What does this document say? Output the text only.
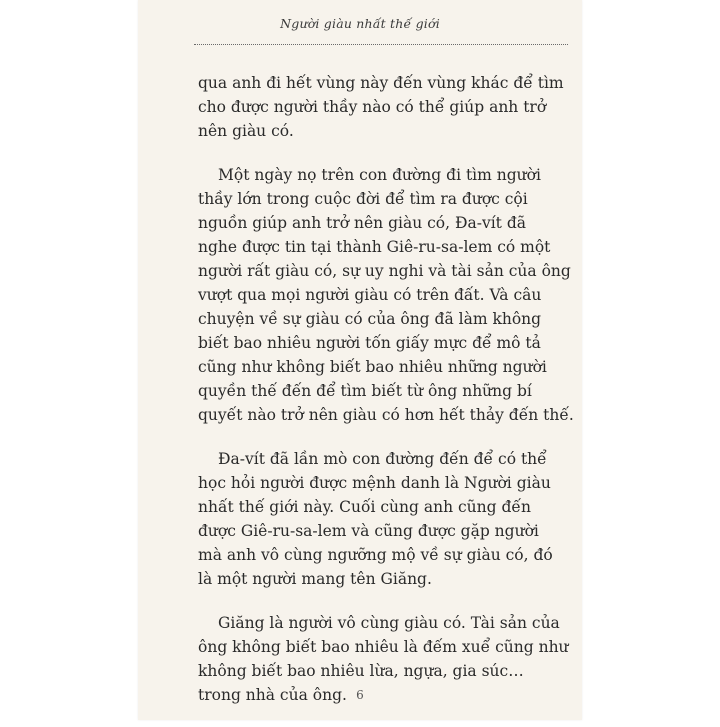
Người giàu nhất thế giới

qua anh đi hết vùng này đến vùng khác để tìm
cho được người thầy nào có thể giúp anh trở
nên giàu có.

Một ngày nọ trên con đường đi tìm người
thầy lớn trong cuộc đời để tìm ra được cội
nguồn giúp anh trở nên giàu có, Đa-vít đã
nghe được tin tại thành Giê-ru-sa-lem có một
người rất giàu có, sự uy nghi và tài sản của ông
vượt qua mọi người giàu có trên đất. Và câu
chuyện về sự giàu có của ông đã làm không
biết bao nhiêu người tốn giấy mực để mô tả
cũng như không biết bao nhiêu những người
quyền thế đến để tìm biết từ ông những bí
quyết nào trở nên giàu có hơn hết thảy đến thế.

Đa-vít đã lần mò con đường đến để có thể
học hỏi người được mệnh danh là Người giàu
nhất thế giới này. Cuối cùng anh cũng đến
được Giê-ru-sa-lem và cũng được gặp người
mà anh vô cùng ngưỡng mộ về sự giàu có, đó
là một người mang tên Giăng.

Giăng là người vô cùng giàu có. Tài sản của
ông không biết bao nhiêu là đếm xuể cũng như
không biết bao nhiêu lừa, ngựa, gia súc…
trong nhà của ông. 6
